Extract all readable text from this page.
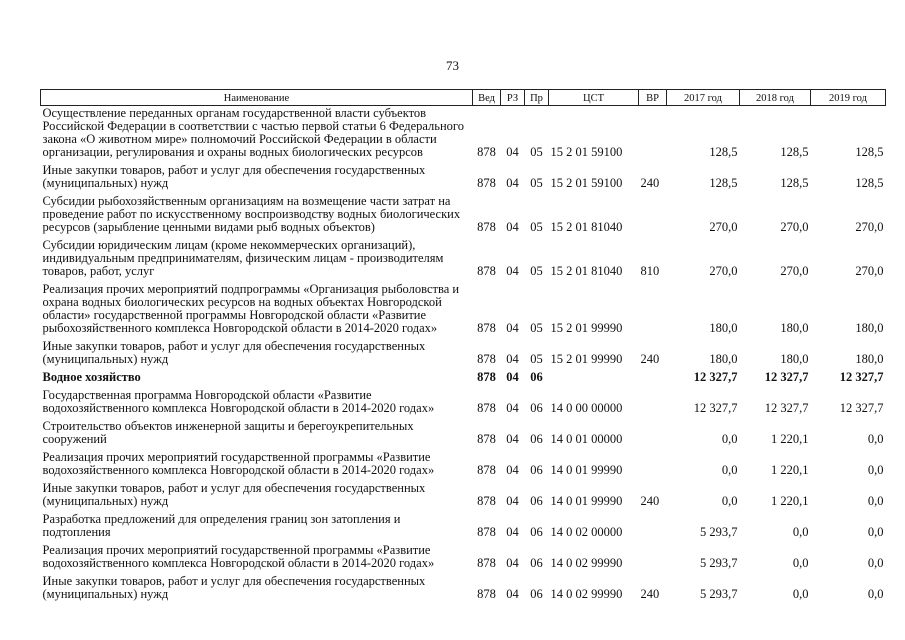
73
Наименование	Вед	РЗ	Пр	ЦСТ	ВР	2017 год	2018 год	2019 год
Осуществление переданных органам государственной власти субъектов Российской Федерации в соответствии с частью первой статьи 6 Федерального закона «О животном мире» полномочий Российской Федерации в области организации, регулирования и охраны водных биологических ресурсов	878	04	05	15 2 01 59100		128,5	128,5	128,5
Иные закупки товаров, работ и услуг для обеспечения государственных (муниципальных) нужд	878	04	05	15 2 01 59100	240	128,5	128,5	128,5
Субсидии рыбохозяйственным организациям на возмещение части затрат на проведение работ по искусственному воспроизводству водных биологических ресурсов (зарыбление ценными видами рыб водных объектов)	878	04	05	15 2 01 81040		270,0	270,0	270,0
Субсидии юридическим лицам (кроме некоммерческих организаций), индивидуальным предпринимателям, физическим лицам - производителям товаров, работ, услуг	878	04	05	15 2 01 81040	810	270,0	270,0	270,0
Реализация прочих мероприятий подпрограммы «Организация рыболовства и охрана водных биологических ресурсов на водных объектах Новгородской области» государственной программы Новгородской области «Развитие рыбохозяйственного комплекса Новгородской области в 2014-2020 годах»	878	04	05	15 2 01 99990		180,0	180,0	180,0
Иные закупки товаров, работ и услуг для обеспечения государственных (муниципальных) нужд	878	04	05	15 2 01 99990	240	180,0	180,0	180,0
Водное хозяйство	878	04	06			12 327,7	12 327,7	12 327,7
Государственная программа Новгородской области «Развитие водохозяйственного комплекса Новгородской области в 2014-2020 годах»	878	04	06	14 0 00 00000		12 327,7	12 327,7	12 327,7
Строительство объектов инженерной защиты и берегоукрепительных сооружений	878	04	06	14 0 01 00000		0,0	1 220,1	0,0
Реализация прочих мероприятий государственной программы «Развитие водохозяйственного комплекса Новгородской области в 2014-2020 годах»	878	04	06	14 0 01 99990		0,0	1 220,1	0,0
Иные закупки товаров, работ и услуг для обеспечения государственных (муниципальных) нужд	878	04	06	14 0 01 99990	240	0,0	1 220,1	0,0
Разработка предложений для определения границ зон затопления и подтопления	878	04	06	14 0 02 00000		5 293,7	0,0	0,0
Реализация прочих мероприятий государственной программы «Развитие водохозяйственного комплекса Новгородской области в 2014-2020 годах»	878	04	06	14 0 02 99990		5 293,7	0,0	0,0
Иные закупки товаров, работ и услуг для обеспечения государственных (муниципальных) нужд	878	04	06	14 0 02 99990	240	5 293,7	0,0	0,0
